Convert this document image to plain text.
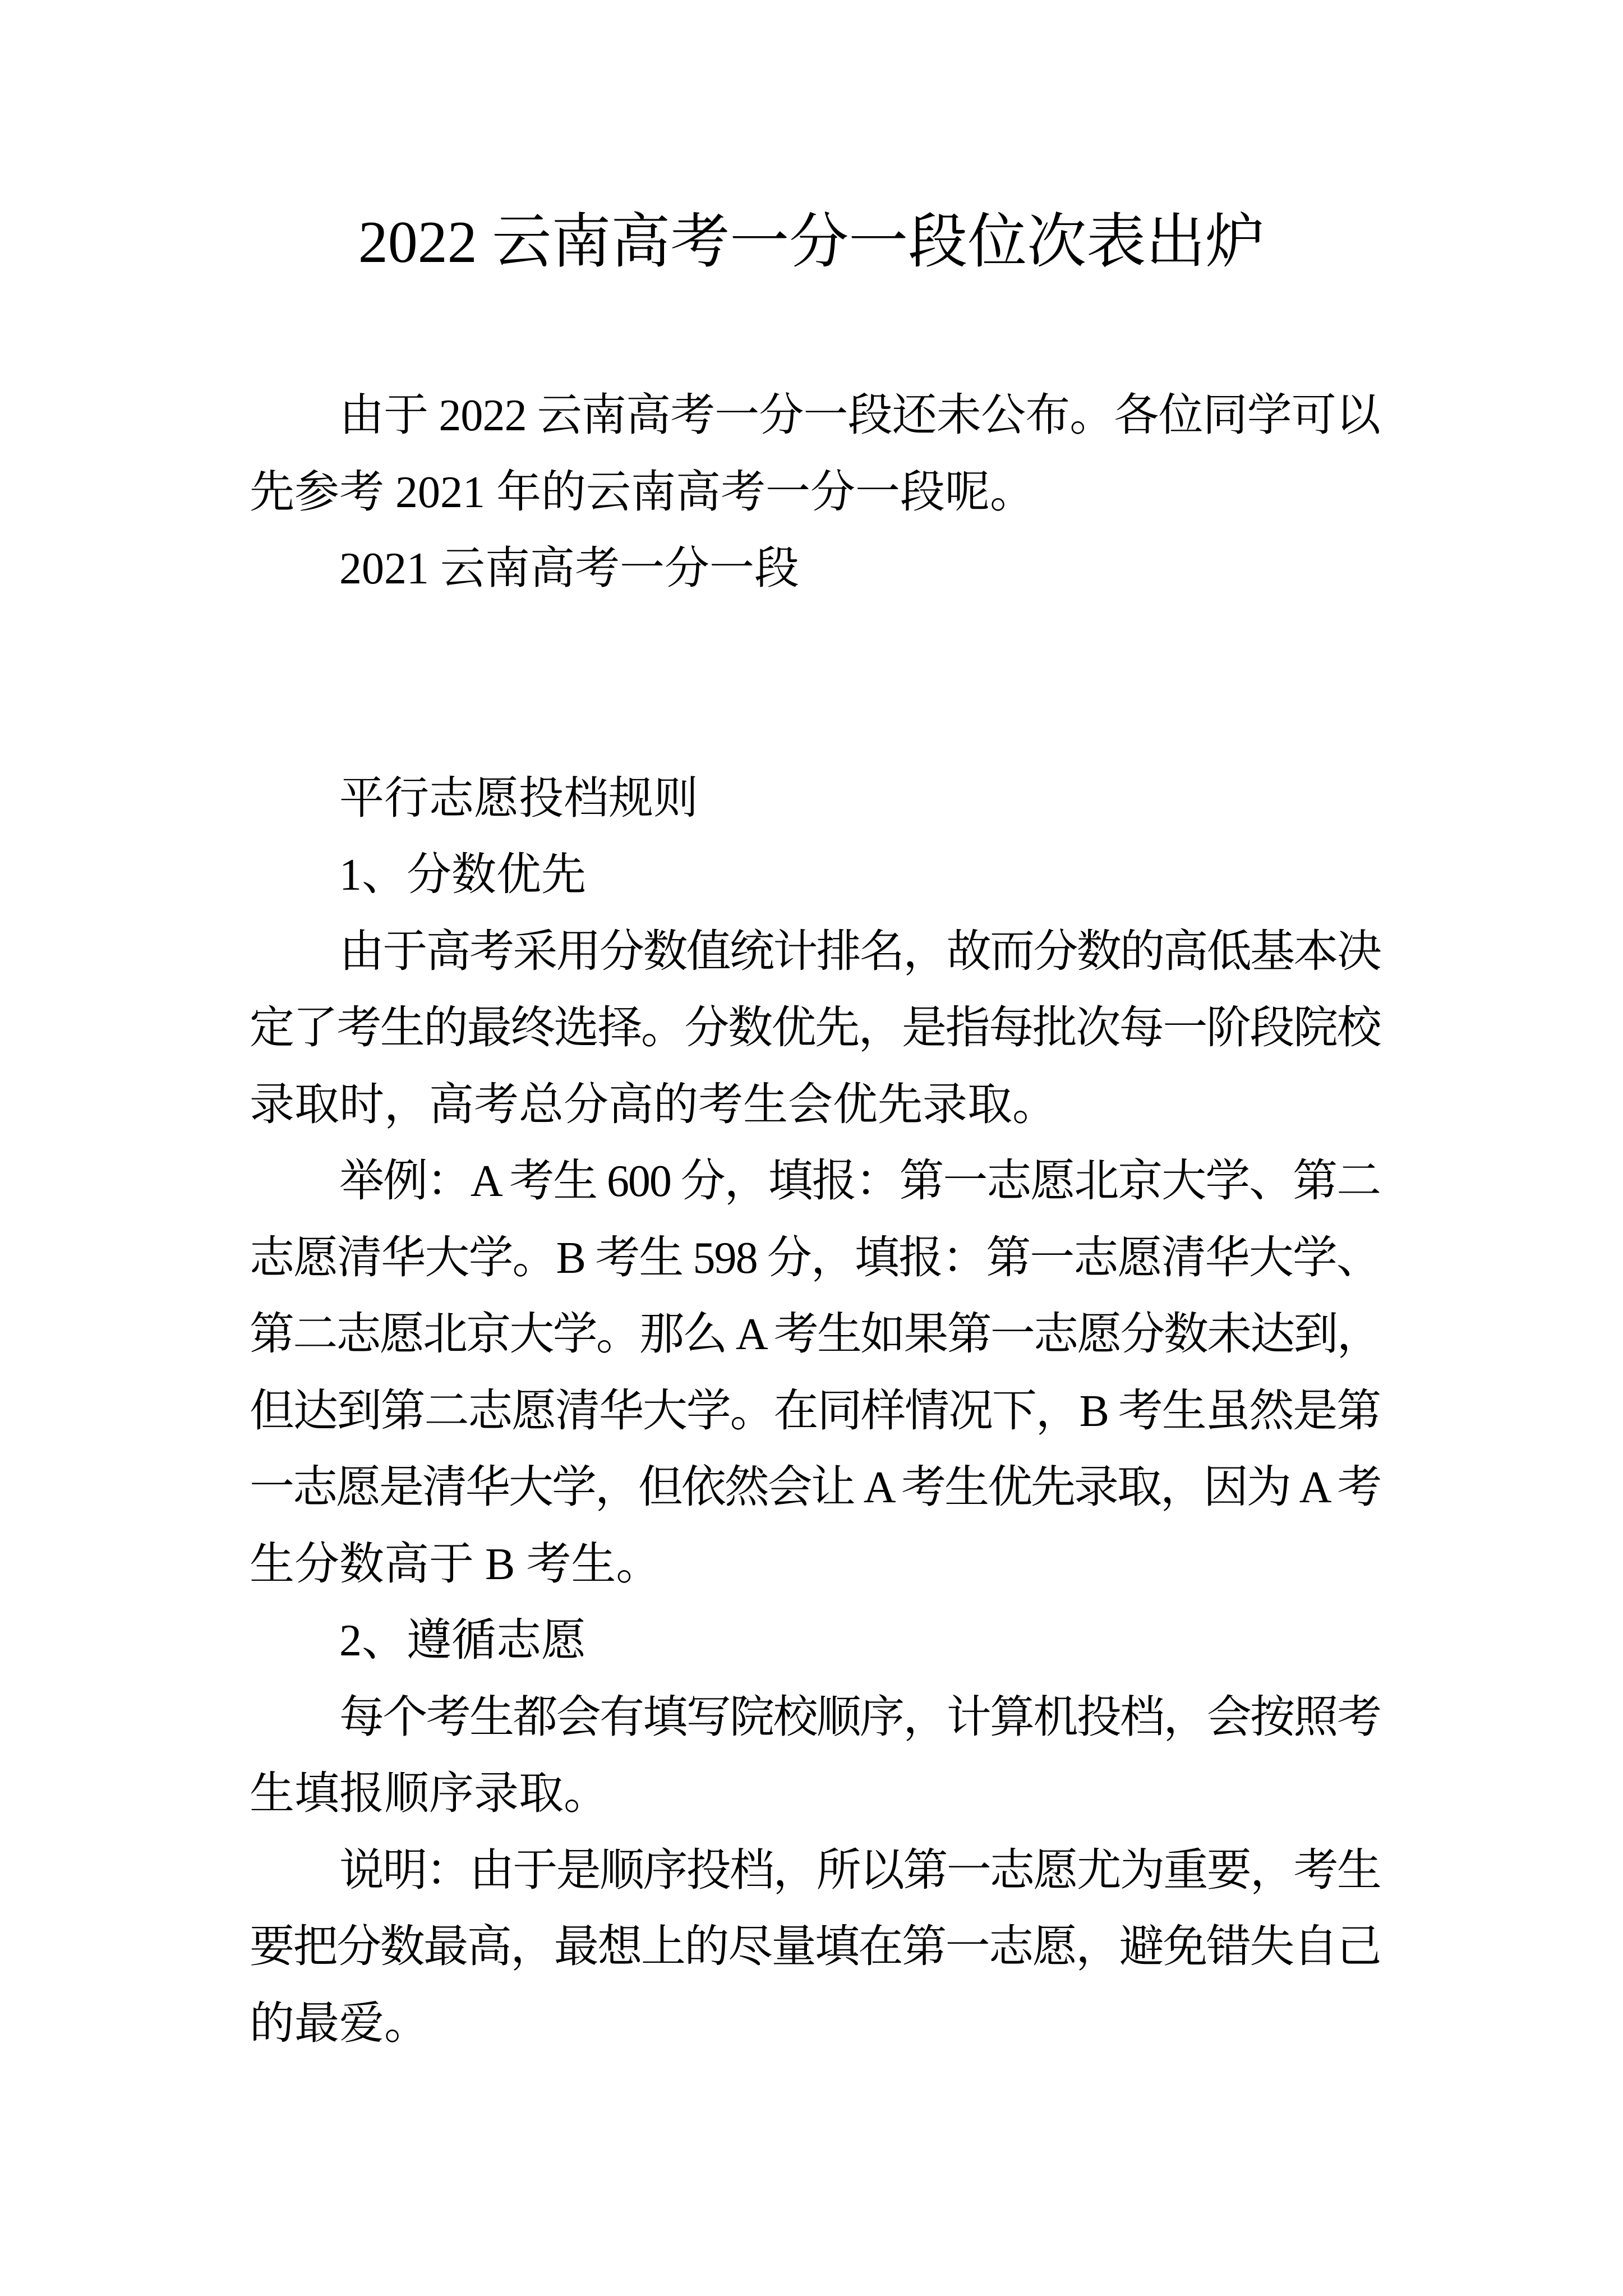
2022 云南高考一分一段位次表出炉
由于 2022 云南高考一分一段还未公布。各位同学可以
先参考 2021 年的云南高考一分一段呢。
2021 云南高考一分一段
平行志愿投档规则
1、分数优先
由于高考采用分数值统计排名，故而分数的高低基本决
定了考生的最终选择。分数优先，是指每批次每一阶段院校
录取时，高考总分高的考生会优先录取。
举例：A 考生 600 分，填报：第一志愿北京大学、第二
志愿清华大学。B 考生 598 分，填报：第一志愿清华大学、
第二志愿北京大学。那么 A 考生如果第一志愿分数未达到，
但达到第二志愿清华大学。在同样情况下，B 考生虽然是第
一志愿是清华大学，但依然会让 A 考生优先录取，因为 A 考
生分数高于 B 考生。
2、遵循志愿
每个考生都会有填写院校顺序，计算机投档，会按照考
生填报顺序录取。
说明：由于是顺序投档，所以第一志愿尤为重要，考生
要把分数最高，最想上的尽量填在第一志愿，避免错失自己
的最爱。
